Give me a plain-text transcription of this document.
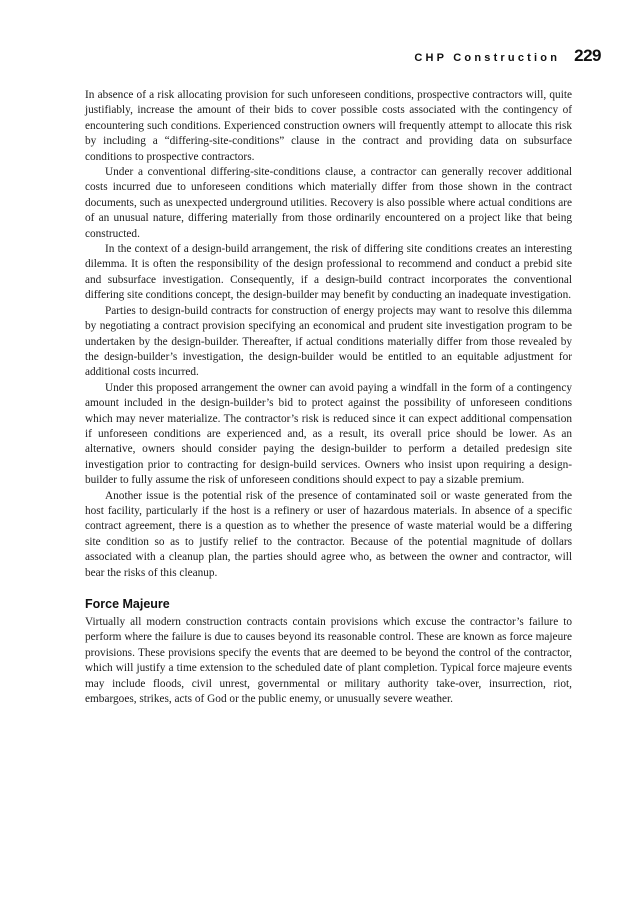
CHP Construction 229

In absence of a risk allocating provision for such unforeseen conditions, prospective contractors will, quite justifiably, increase the amount of their bids to cover possible costs associated with the contingency of encountering such conditions. Experienced construction owners will frequently attempt to allocate this risk by including a “differing-site-conditions” clause in the contract and providing data on subsurface conditions to prospective contractors.

Under a conventional differing-site-conditions clause, a contractor can generally recover additional costs incurred due to unforeseen conditions which materially differ from those shown in the contract documents, such as unexpected underground utilities. Recovery is also possible where actual conditions are of an unusual nature, differing materially from those ordinarily encountered on a project like that being constructed.

In the context of a design-build arrangement, the risk of differing site conditions creates an interesting dilemma. It is often the responsibility of the design professional to recommend and conduct a prebid site and subsurface investigation. Consequently, if a design-build contract incorporates the conventional differing site conditions concept, the design-builder may benefit by conducting an inadequate investigation.

Parties to design-build contracts for construction of energy projects may want to resolve this dilemma by negotiating a contract provision specifying an economical and prudent site investigation program to be undertaken by the design-builder. Thereafter, if actual conditions materially differ from those revealed by the design-builder’s investigation, the design-builder would be entitled to an equitable adjustment for additional costs incurred.

Under this proposed arrangement the owner can avoid paying a windfall in the form of a contingency amount included in the design-builder’s bid to protect against the possibility of unforeseen conditions which may never materialize. The contractor’s risk is reduced since it can expect additional compensation if unforeseen conditions are experienced and, as a result, its overall price should be lower. As an alternative, owners should consider paying the design-builder to perform a detailed predesign site investigation prior to contracting for design-build services. Owners who insist upon requiring a design-builder to fully assume the risk of unforeseen conditions should expect to pay a sizable premium.

Another issue is the potential risk of the presence of contaminated soil or waste generated from the host facility, particularly if the host is a refinery or user of hazardous materials. In absence of a specific contract agreement, there is a question as to whether the presence of waste material would be a differing site condition so as to justify relief to the contractor. Because of the potential magnitude of dollars associated with a cleanup plan, the parties should agree who, as between the owner and contractor, will bear the risks of this cleanup.

Force Majeure

Virtually all modern construction contracts contain provisions which excuse the contractor’s failure to perform where the failure is due to causes beyond its reasonable control. These are known as force majeure provisions. These provisions specify the events that are deemed to be beyond the control of the contractor, which will justify a time extension to the scheduled date of plant completion. Typical force majeure events may include floods, civil unrest, governmental or military authority take-over, insurrection, riot, embargoes, strikes, acts of God or the public enemy, or unusually severe weather.
